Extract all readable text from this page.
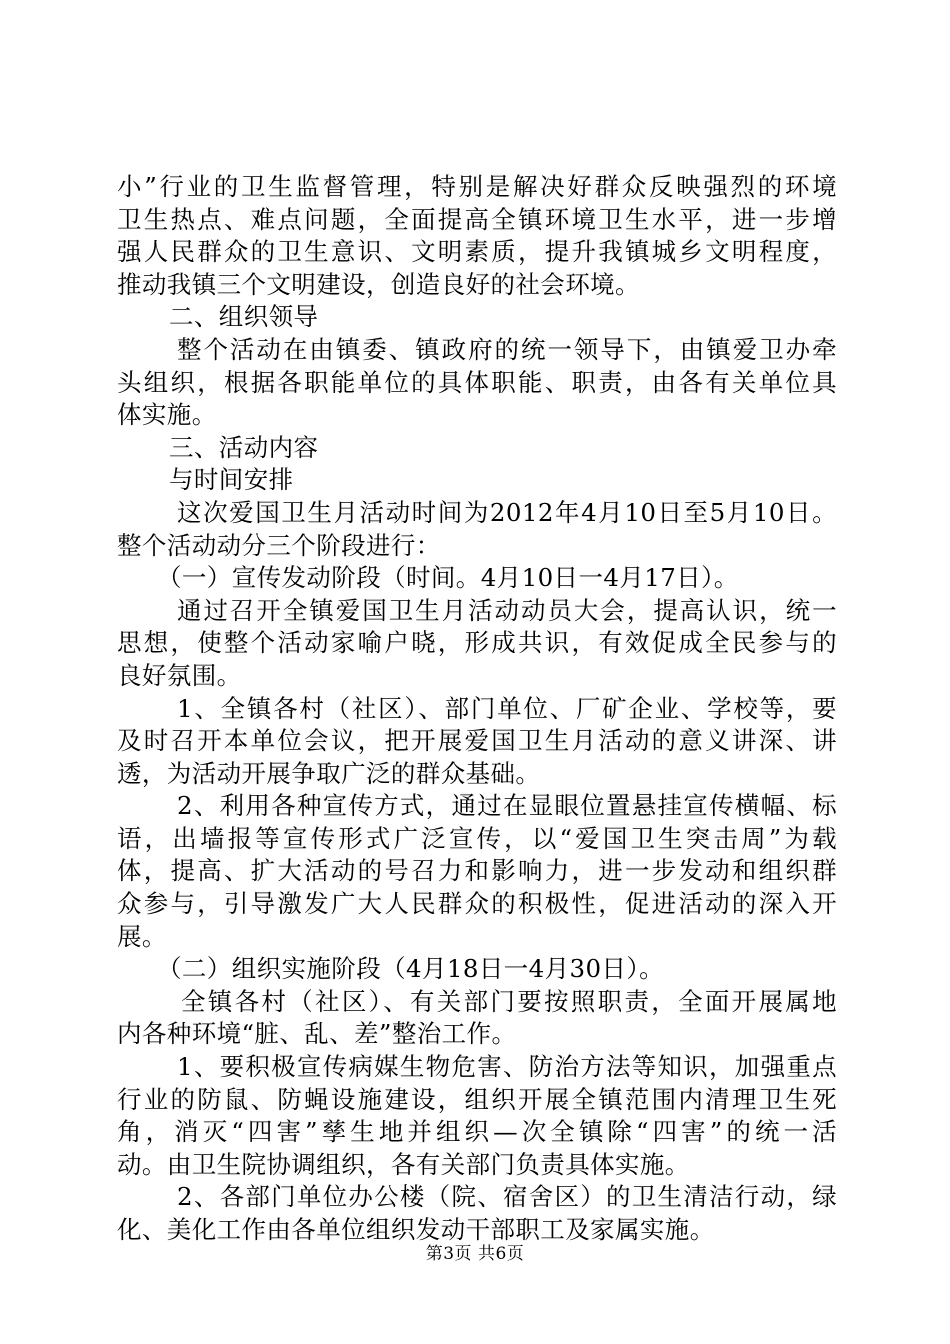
小”行业的卫生监督管理，特别是解决好群众反映强烈的环境
卫生热点、难点问题，全面提高全镇环境卫生水平，进一步增
强人民群众的卫生意识、文明素质，提升我镇城乡文明程度，
推动我镇三个文明建设，创造良好的社会环境。
二、组织领导
整个活动在由镇委、镇政府的统一领导下，由镇爱卫办牵
头组织，根据各职能单位的具体职能、职责，由各有关单位具
体实施。
三、活动内容
与时间安排
这次爱国卫生月活动时间为2012年4月10日至5月10日。
整个活动动分三个阶段进行：
（一）宣传发动阶段（时间。4月10日一4月17日）。
通过召开全镇爱国卫生月活动动员大会，提高认识，统一
思想，使整个活动家喻户晓，形成共识，有效促成全民参与的
良好氛围。
1、全镇各村（社区）、部门单位、厂矿企业、学校等，要
及时召开本单位会议，把开展爱国卫生月活动的意义讲深、讲
透，为活动开展争取广泛的群众基础。
2、利用各种宣传方式，通过在显眼位置悬挂宣传横幅、标
语，出墙报等宣传形式广泛宣传，以“爱国卫生突击周”为载
体，提高、扩大活动的号召力和影响力，进一步发动和组织群
众参与，引导激发广大人民群众的积极性，促进活动的深入开
展。
（二）组织实施阶段（4月18日一4月30日）。
全镇各村（社区）、有关部门要按照职责，全面开展属地
内各种环境“脏、乱、差”整治工作。
1、要积极宣传病媒生物危害、防治方法等知识，加强重点
行业的防鼠、防蝇设施建设，组织开展全镇范围内清理卫生死
角，消灭“四害”孳生地并组织—次全镇除“四害”的统一活
动。由卫生院协调组织，各有关部门负责具体实施。
2、各部门单位办公楼（院、宿舍区）的卫生清洁行动，绿
化、美化工作由各单位组织发动干部职工及家属实施。
第3页 共6页
